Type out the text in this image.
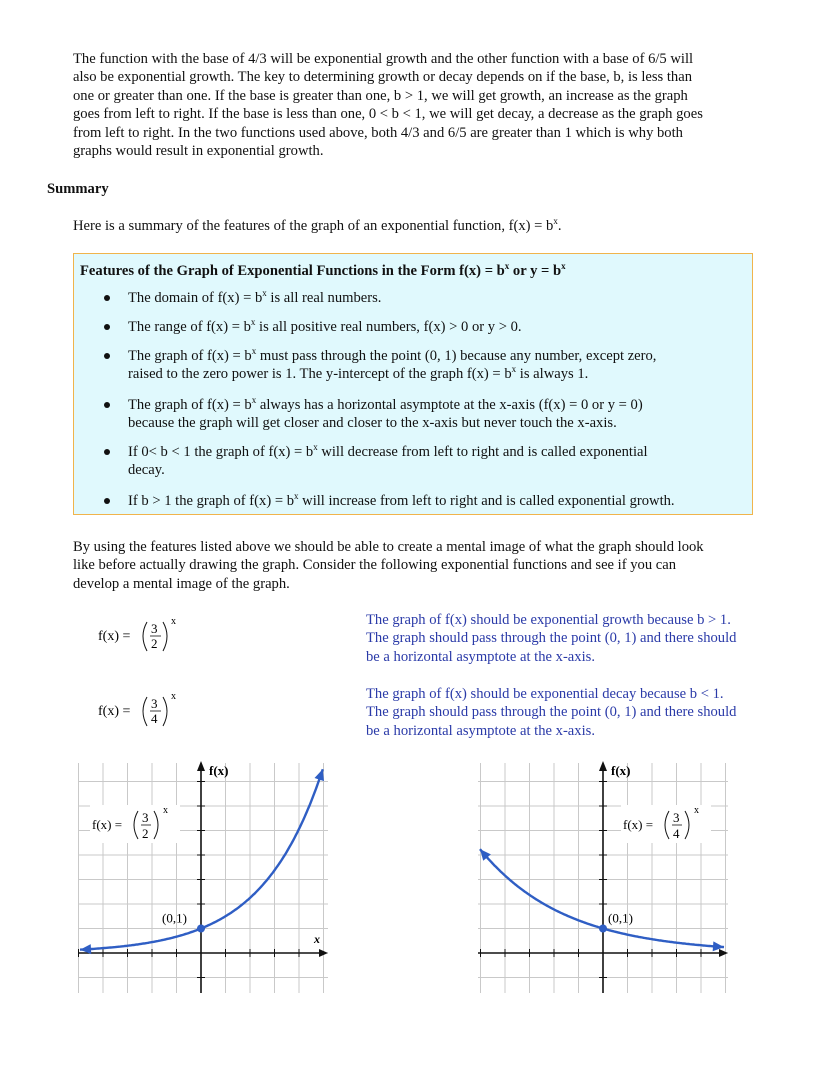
The function with the base of 4/3 will be exponential growth and the other function with a base of 6/5 will
also be exponential growth. The key to determining growth or decay depends on if the base, b, is less than
one or greater than one. If the base is greater than one, b > 1, we will get growth, an increase as the graph
goes from left to right. If the base is less than one, 0 < b < 1, we will get decay, a decrease as the graph goes
from left to right. In the two functions used above, both 4/3 and 6/5 are greater than 1 which is why both
graphs would result in exponential growth.
Summary
Here is a summary of the features of the graph of an exponential function, $f(x) = b^x$.
Features of the Graph of Exponential Functions in the Form $f(x) = b^x$ or $y = b^x$
The domain of $f(x) = b^x$ is all real numbers.
The range of $f(x) = b^x$ is all positive real numbers, f(x) > 0 or y > 0.
The graph of $f(x) = b^x$ must pass through the point (0, 1) because any number, except zero,
raised to the zero power is 1. The y-intercept of the graph $f(x) = b^x$ is always 1.
The graph of $f(x) = b^x$ always has a horizontal asymptote at the x-axis (f(x) = 0 or y = 0)
because the graph will get closer and closer to the x-axis but never touch the x-axis.
If 0< b < 1 the graph of $f(x) = b^x$ will decrease from left to right and is called exponential
decay.
If b > 1 the graph of $f(x) = b^x$ will increase from left to right and is called exponential growth.
By using the features listed above we should be able to create a mental image of what the graph should look
like before actually drawing the graph. Consider the following exponential functions and see if you can
develop a mental image of the graph.
f(x) =
3
2
x
f(x) =
3
4
x
The graph of f(x) should be exponential growth because b > 1.
The graph should pass through the point (0, 1) and there should
be a horizontal asymptote at the x-axis.
The graph of f(x) should be exponential decay because b < 1.
The graph should pass through the point (0, 1) and there should
be a horizontal asymptote at the x-axis.
f(x)
x
(0,1)
f(x) = 3
2
x
f(x)
(0,1)
f(x) = 3
4
x
